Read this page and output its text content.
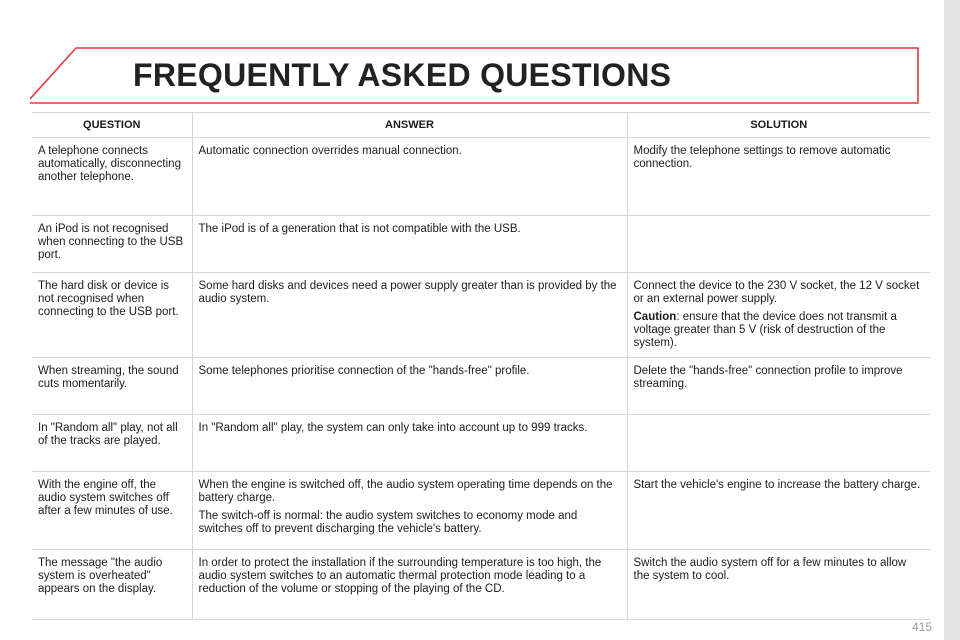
FREQUENTLY ASKED QUESTIONS
QUESTION	ANSWER	SOLUTION
A telephone connects automatically, disconnecting another telephone.	Automatic connection overrides manual connection.	Modify the telephone settings to remove automatic connection.

An iPod is not recognised when connecting to the USB port.	The iPod is of a generation that is not compatible with the USB.	

The hard disk or device is not recognised when connecting to the USB port.	Some hard disks and devices need a power supply greater than is provided by the audio system.	Connect the device to the 230 V socket, the 12 V socket or an external power supply.

Caution: ensure that the device does not transmit a voltage greater than 5 V (risk of destruction of the system).

When streaming, the sound cuts momentarily.	Some telephones prioritise connection of the "hands-free" profile.	Delete the "hands-free" connection profile to improve streaming.

In "Random all" play, not all of the tracks are played.	In "Random all" play, the system can only take into account up to 999 tracks.	

With the engine off, the audio system switches off after a few minutes of use.	When the engine is switched off, the audio system operating time depends on the battery charge.

The switch-off is normal: the audio system switches to economy mode and switches off to prevent discharging the vehicle's battery.	Start the vehicle's engine to increase the battery charge.

The message "the audio system is overheated" appears on the display.	In order to protect the installation if the surrounding temperature is too high, the audio system switches to an automatic thermal protection mode leading to a reduction of the volume or stopping of the playing of the CD.	Switch the audio system off for a few minutes to allow the system to cool.

415
